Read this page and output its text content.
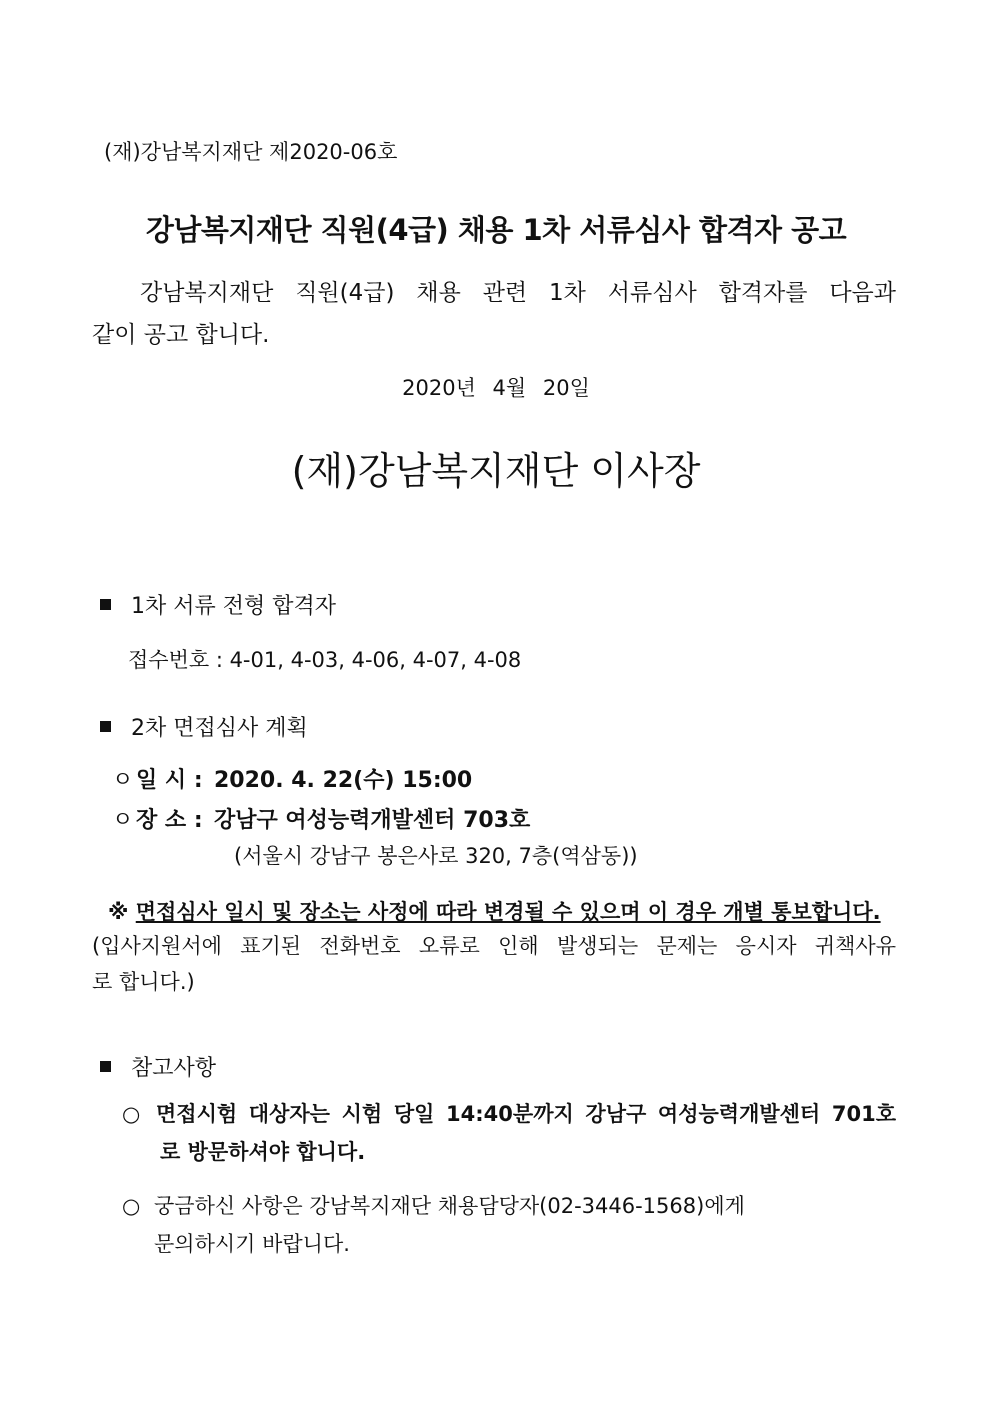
(재)강남복지재단 제2020-06호
강남복지재단 직원(4급) 채용 1차 서류심사 합격자 공고
강남복지재단 직원(4급) 채용 관련 1차 서류심사 합격자를 다음과
같이 공고 합니다.
2020년 4월 20일
(재)강남복지재단 이사장
1차 서류 전형 합격자
접수번호 : 4-01, 4-03, 4-06, 4-07, 4-08
2차 면접심사 계획
ㅇ 일 시 : 2020. 4. 22(수) 15:00
ㅇ 장 소 : 강남구 여성능력개발센터 703호
(서울시 강남구 봉은사로 320, 7층(역삼동))
※ 면접심사 일시 및 장소는 사정에 따라 변경될 수 있으며 이 경우 개별 통보합니다.
(입사지원서에 표기된 전화번호 오류로 인해 발생되는 문제는 응시자 귀책사유
로 합니다.)
참고사항
○ 면접시험 대상자는 시험 당일 14:40분까지 강남구 여성능력개발센터 701호
로 방문하셔야 합니다.
○ 궁금하신 사항은 강남복지재단 채용담당자(02-3446-1568)에게
문의하시기 바랍니다.
